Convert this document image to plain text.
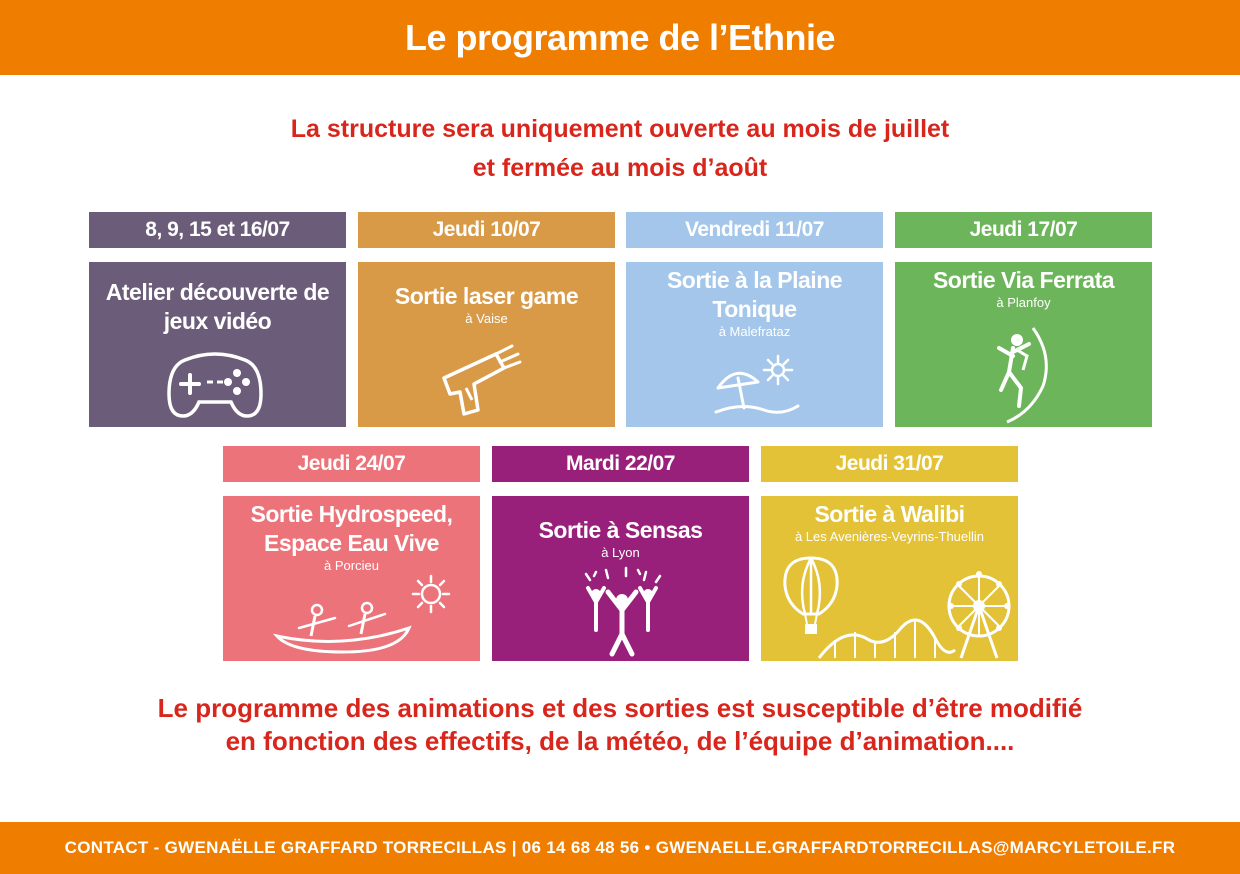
Le programme de l’Ethnie
La structure sera uniquement ouverte au mois de juillet
et fermée au mois d’août
8, 9, 15 et 16/07
Atelier découverte de jeux vidéo
Jeudi 10/07
Sortie laser game
à Vaise
Vendredi 11/07
Sortie à la Plaine Tonique
à Malefrataz
Jeudi 17/07
Sortie Via Ferrata
à Planfoy
Jeudi 24/07
Sortie Hydrospeed, Espace Eau Vive
à Porcieu
Mardi 22/07
Sortie à Sensas
à Lyon
Jeudi 31/07
Sortie à Walibi
à Les Avenières-Veyrins-Thuellin
Le programme des animations et des sorties est susceptible d’être modifié
en fonction des effectifs, de la météo, de l’équipe d’animation....
CONTACT - GWENAËLLE GRAFFARD TORRECILLAS | 06 14 68 48 56 • GWENAELLE.GRAFFARDTORRECILLAS@MARCYLETOILE.FR
